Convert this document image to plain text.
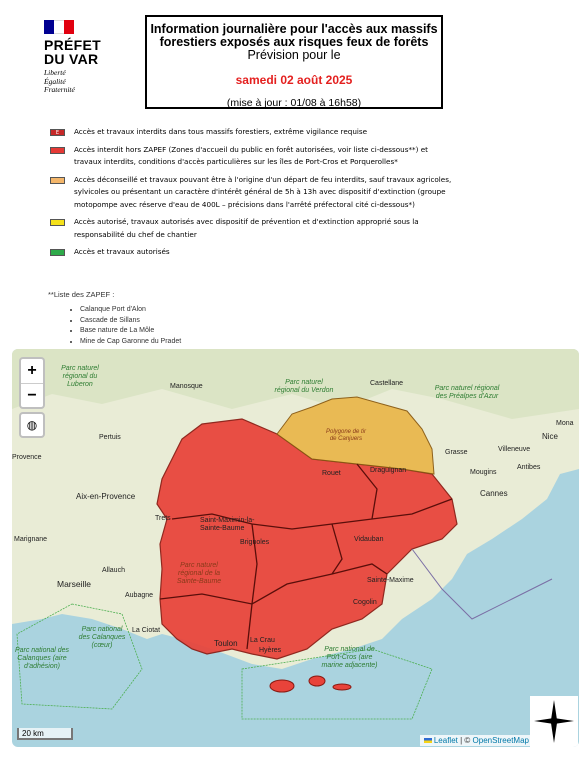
PRÉFET
DU VAR
Liberté
Égalité
Fraternité
Information journalière pour l'accès aux massifs
forestiers exposés aux risques feux de forêts
Prévision pour le
samedi 02 août 2025
(mise à jour : 01/08 à 16h58)
E	Accès et travaux interdits dans tous massifs forestiers, extrême vigilance requise
Accès interdit hors ZAPEF (Zones d'accueil du public en forêt autorisées, voir liste ci-dessous**) et travaux interdits, conditions d'accès particulières sur les îles de Port-Cros et Porquerolles*
Accès déconseillé et travaux pouvant être à l'origine d'un départ de feu interdits, sauf travaux agricoles, sylvicoles ou présentant un caractère d'intérêt général de 5h à 13h avec dispositif d'extinction (groupe motopompe avec réserve d'eau de 400L – précisions dans l'arrêté préfectoral cité ci-dessous*)
Accès autorisé, travaux autorisés avec dispositif de prévention et d'extinction approprié sous la responsabilité du chef de chantier
Accès et travaux autorisés
**Liste des ZAPEF :
• Calanque Port d'Alon
• Cascade de Sillans
• Base nature de La Môle
• Mine de Cap Garonne du Pradet
Manosque	Castellane
Pertuis
Aix-en-Provence
Marseille
Toulon
Hyères
La Ciotat
Grasse
Nice
Cannes
Mougins
Villeneuve
Antibes
Mona
Provence
Marignane
Trets
Allauch
Aubagne
Saint-Maximin-la-Sainte-Baume
Brignoles
Rouet	Draguignan
Vidauban
Sainte-Maxime
Cogolin
La Crau
Parc naturel régional du Luberon	Parc naturel régional du Verdon	Parc naturel régional des Préalpes d'Azur
Parc national des Calanques (cœur)
Parc national des Calanques (aire d'adhésion)
Parc national de Port-Cros (aire marine adjacente)
Polygone de tir de Canjuers
Parc naturel régional de la Sainte-Baume
+
−
◍
20 km
Leaflet | © OpenStreetMap
